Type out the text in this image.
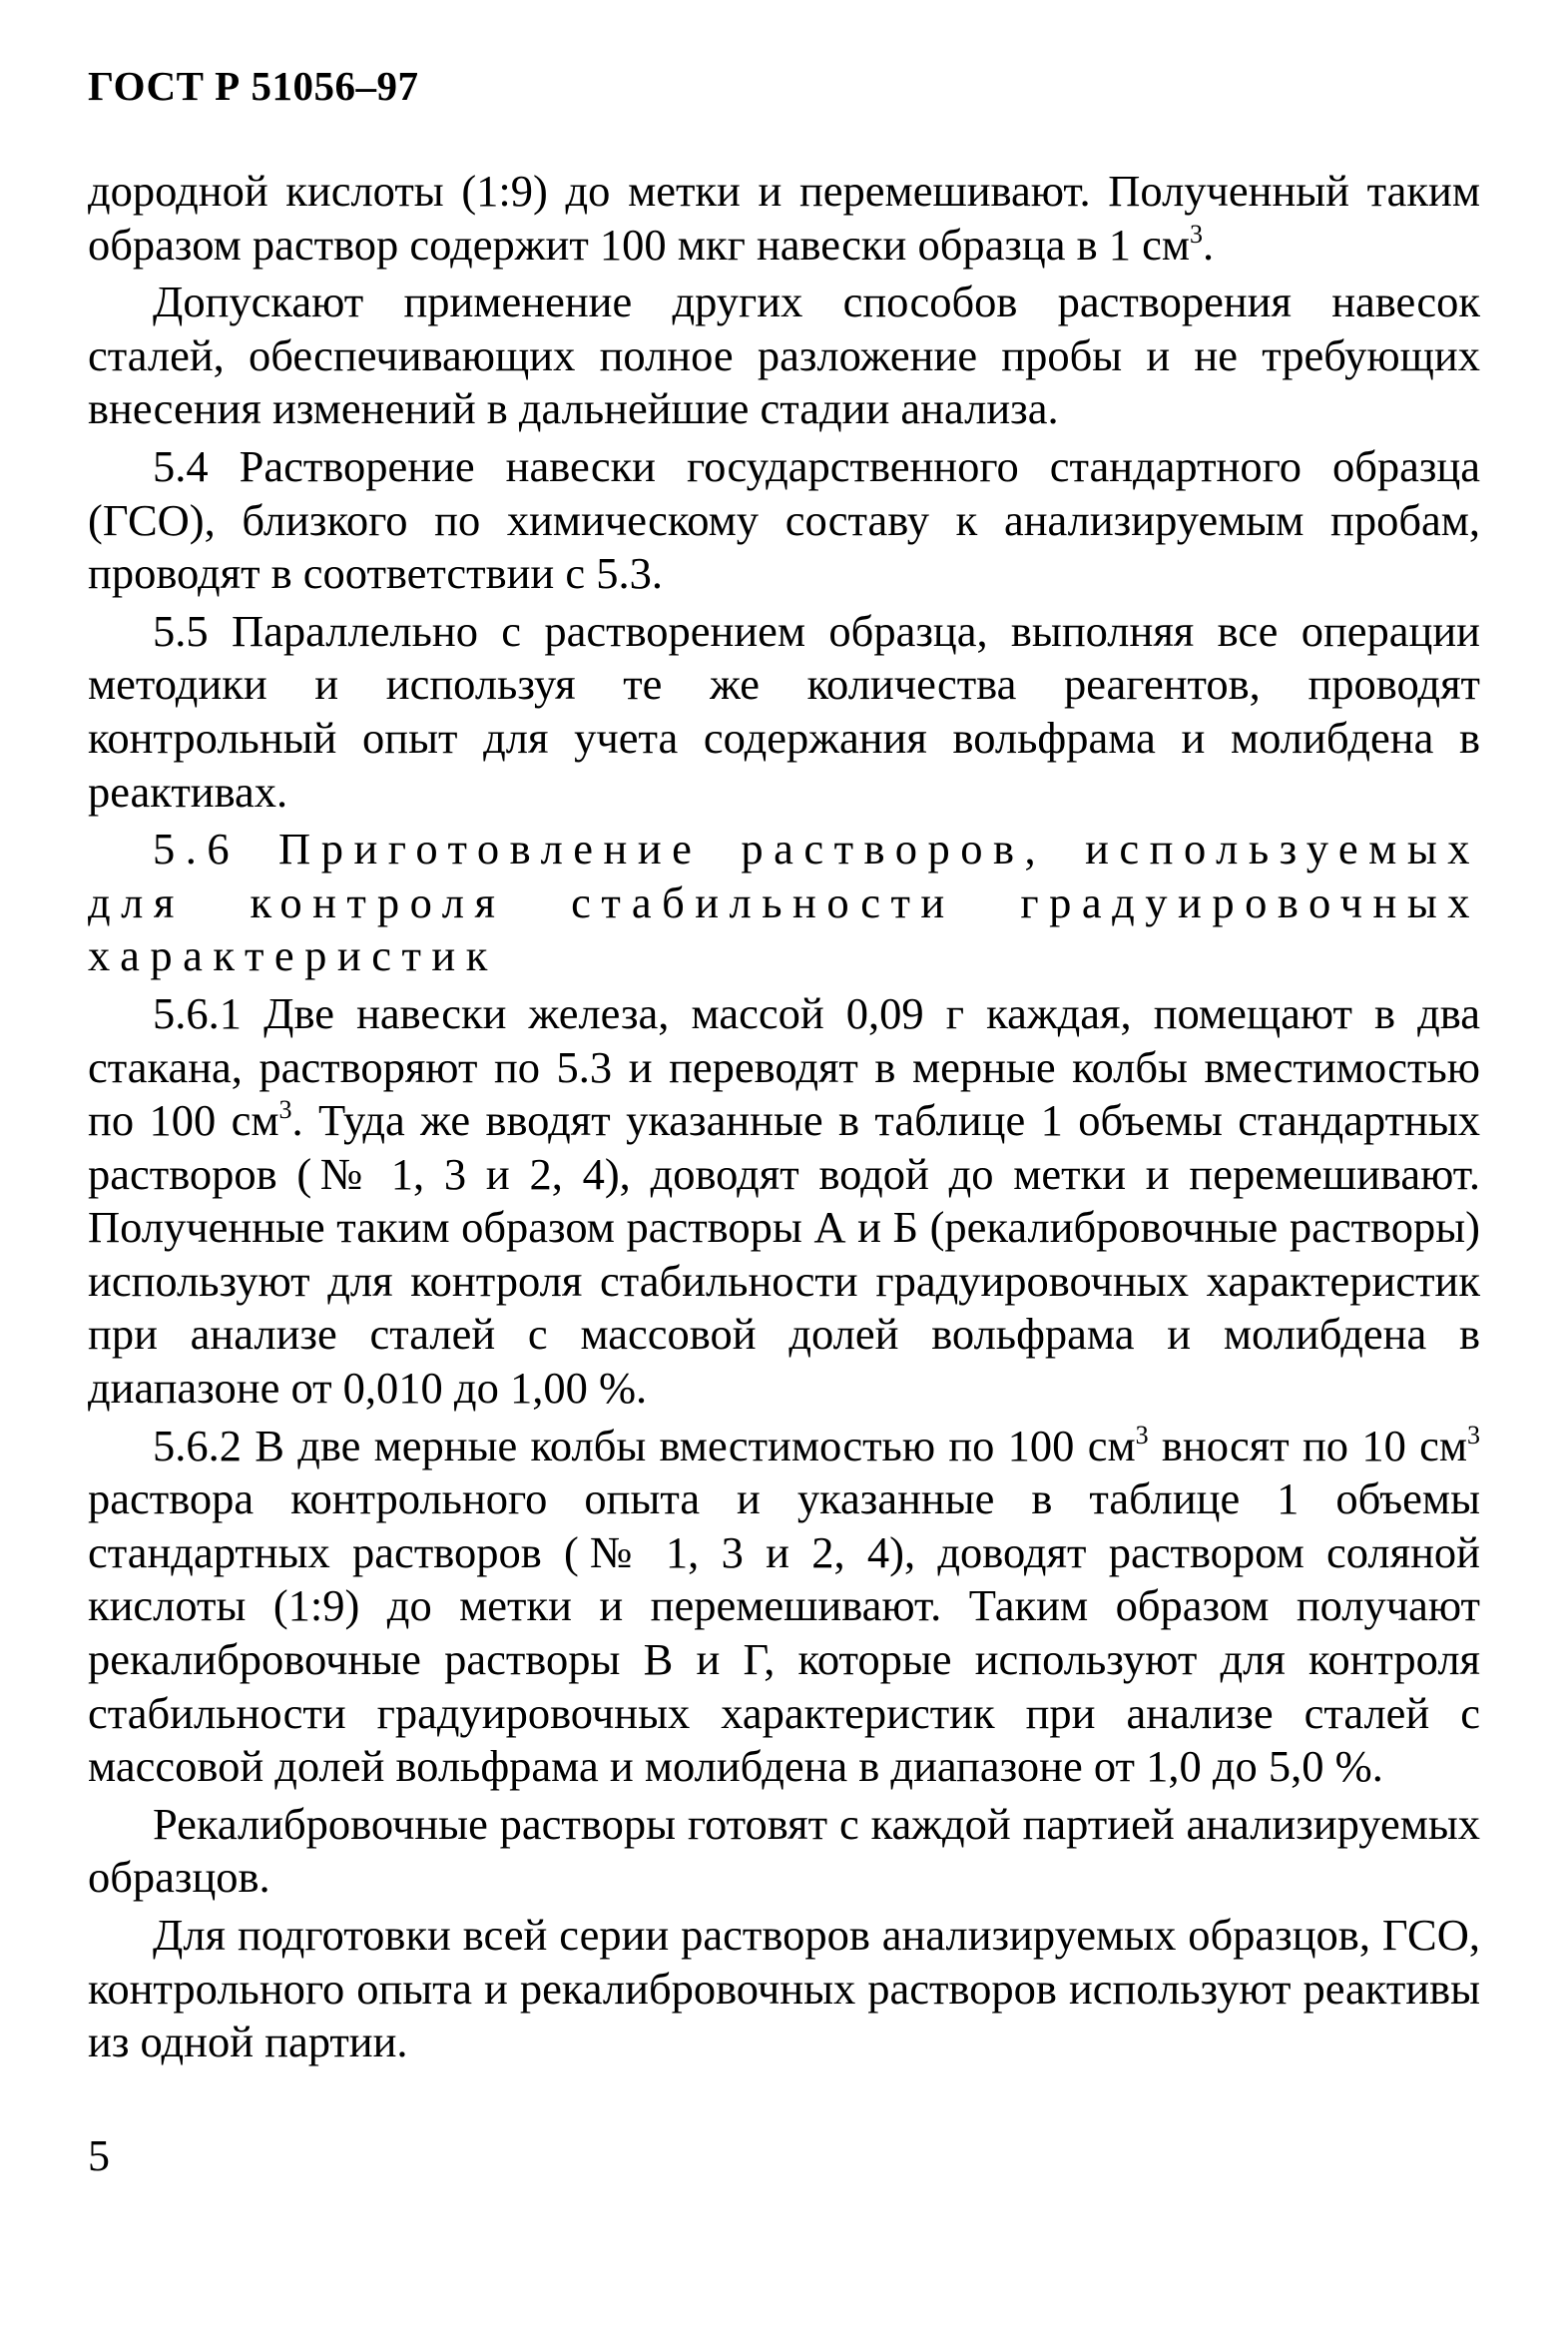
ГОСТ Р 51056–97

дородной кислоты (1:9) до метки и перемешивают. Полученный таким образом раствор содержит 100 мкг навески образца в 1 $см^3$.

Допускают применение других способов растворения навесок сталей, обеспечивающих полное разложение пробы и не требующих внесения изменений в дальнейшие стадии анализа.

5.4 Растворение навески государственного стандартного образца (ГСО), близкого по химическому составу к анализируемым пробам, проводят в соответствии с 5.3.

5.5 Параллельно с растворением образца, выполняя все операции методики и используя те же количества реагентов, проводят контрольный опыт для учета содержания вольфрама и молибдена в реактивах.

5.6 Приготовление растворов, используемых для контроля стабильности градуировочных характеристик

5.6.1 Две навески железа, массой 0,09 г каждая, помещают в два стакана, растворяют по 5.3 и переводят в мерные колбы вместимостью по 100 $см^3$. Туда же вводят указанные в таблице 1 объемы стандартных растворов (№ 1, 3 и 2, 4), доводят водой до метки и перемешивают. Полученные таким образом растворы А и Б (рекалибровочные растворы) используют для контроля стабильности градуировочных характеристик при анализе сталей с массовой долей вольфрама и молибдена в диапазоне от 0,010 до 1,00 %.

5.6.2 В две мерные колбы вместимостью по 100 $см^3$ вносят по 10 $см^3$ раствора контрольного опыта и указанные в таблице 1 объемы стандартных растворов (№ 1, 3 и 2, 4), доводят раствором соляной кислоты (1:9) до метки и перемешивают. Таким образом получают рекалибровочные растворы В и Г, которые используют для контроля стабильности градуировочных характеристик при анализе сталей с массовой долей вольфрама и молибдена в диапазоне от 1,0 до 5,0 %.

Рекалибровочные растворы готовят с каждой партией анализируемых образцов.

Для подготовки всей серии растворов анализируемых образцов, ГСО, контрольного опыта и рекалибровочных растворов используют реактивы из одной партии.

5
